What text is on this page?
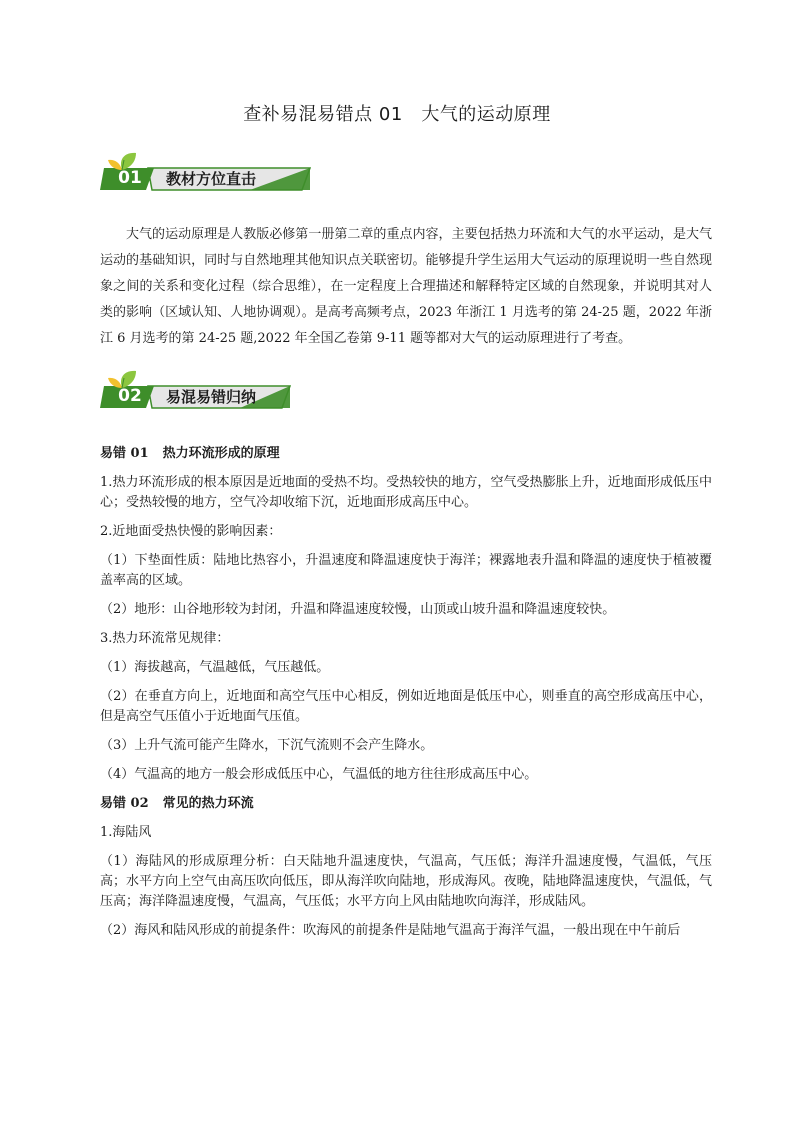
查补易混易错点 01　大气的运动原理
01	教材方位直击
大气的运动原理是人教版必修第一册第二章的重点内容，主要包括热力环流和大气的水平运动，是大气运动的基础知识，同时与自然地理其他知识点关联密切。能够提升学生运用大气运动的原理说明一些自然现象之间的关系和变化过程（综合思维），在一定程度上合理描述和解释特定区域的自然现象，并说明其对人类的影响（区域认知、人地协调观）。是高考高频考点，2023 年浙江 1 月选考的第 24-25 题，2022 年浙江 6 月选考的第 24-25 题,2022 年全国乙卷第 9-11 题等都对大气的运动原理进行了考查。
02	易混易错归纳

易错 01 热力环流形成的原理

1.热力环流形成的根本原因是近地面的受热不均。受热较快的地方，空气受热膨胀上升，近地面形成低压中心；受热较慢的地方，空气冷却收缩下沉，近地面形成高压中心。

2.近地面受热快慢的影响因素：

（1）下垫面性质：陆地比热容小，升温速度和降温速度快于海洋；裸露地表升温和降温的速度快于植被覆盖率高的区域。

（2）地形：山谷地形较为封闭，升温和降温速度较慢，山顶或山坡升温和降温速度较快。

3.热力环流常见规律：

（1）海拔越高，气温越低，气压越低。

（2）在垂直方向上，近地面和高空气压中心相反，例如近地面是低压中心，则垂直的高空形成高压中心，但是高空气压值小于近地面气压值。

（3）上升气流可能产生降水，下沉气流则不会产生降水。

（4）气温高的地方一般会形成低压中心，气温低的地方往往形成高压中心。

易错 02 常见的热力环流

1.海陆风

（1）海陆风的形成原理分析：白天陆地升温速度快，气温高，气压低；海洋升温速度慢，气温低，气压高；水平方向上空气由高压吹向低压，即从海洋吹向陆地，形成海风。夜晚，陆地降温速度快，气温低，气压高；海洋降温速度慢，气温高，气压低；水平方向上风由陆地吹向海洋，形成陆风。

（2）海风和陆风形成的前提条件：吹海风的前提条件是陆地气温高于海洋气温，一般出现在中午前后
